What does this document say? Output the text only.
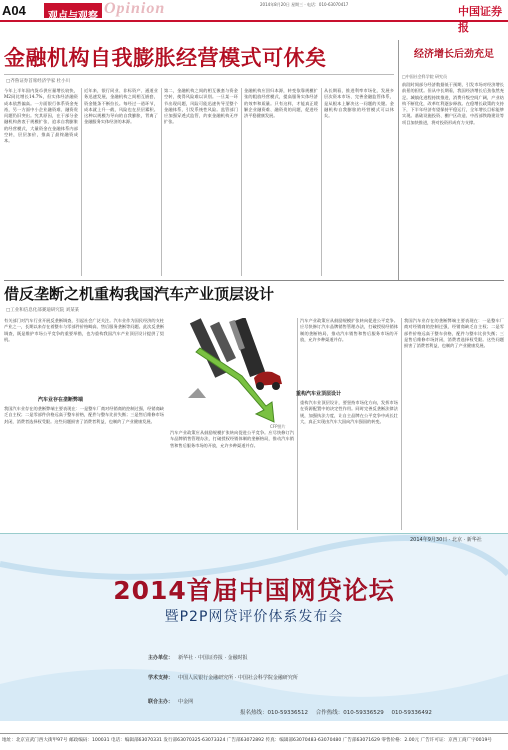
A04	观点与观察 Opinion	2014年8月20日 星期三 · 电话：010-63070417
中国证券报
金融机构自我膨胀经营模式可休矣
□齐鲁证券首席经济学家 杜小川
今年上半年国内货币供应量增长较快，M2同比增长14.7%，但实体经济融资成本依然偏高。一方面银行体系资金充裕，另一方面中小企业融资难、融资贵问题仍旧突出。究其原因，在于部分金融机构热衷于规模扩张、追求自我膨胀的经营模式，大量资金在金融体系内部空转，层层加价，推高了最终融资成本。
近年来，银行同业、非标资产、通道业务迅速发展，金融机构之间相互嵌套，资金链条不断拉长。每经过一道环节，成本就上升一截，风险也在层层累积。这种以规模为导向的自我膨胀，背离了金融服务实体经济的本源。
第二，金融机构之间的相互嵌套与资金空转，使得风险难以识别。一旦某一环节出现问题，风险可能迅速传导至整个金融体系，引发系统性风险。监管部门应加强穿透式监管，约束金融机构无序扩张。
金融机构应回归本源，转变依靠规模扩张的粗放经营模式，提高服务实体经济的效率和质量。只有这样，才能真正缓解企业融资难、融资贵的问题，促进经济平稳健康发展。
从长期看，推进利率市场化、发展多层次资本市场、完善金融监管体系，是从根本上解决这一问题的关键。金融机构自我膨胀的经营模式可以休矣。
经济增长后劲充足
□中国社会科学院 研究员
前段时间部分经济数据低于预期，引发市场对经济增长前景的担忧。但从中长期看，我国经济增长后劲依然充足。城镇化进程持续推进，消费升级空间广阔，产业结构不断优化，改革红利逐步释放。在稳增长政策的支持下，下半年经济有望保持平稳运行，全年增长目标能够实现。基础设施投资、棚户区改造、中西部铁路建设等项目加快推进，将对投资形成有力支撑。
借反垄断之机重构我国汽车产业顶层设计
□工业和信息化部赛迪研究院 刘某某
有关部门对汽车行业开展反垄断调查，引起社会广泛关注。汽车业作为国民经济的支柱产业之一，长期以来存在着整车与零部件价格畸高、售后服务垄断等问题。此次反垄断调查，既是维护市场公平竞争的重要举措，也为重构我国汽车产业顶层设计提供了契机。
汽车业存在垄断弊端
我国汽车业存在的垄断弊端主要表现在：一是整车厂商对经销商的控制过强，经销商缺乏自主权；二是零部件价格远高于整车价格，配件与整车比价失衡；三是售后维修市场封闭，消费者选择权受限。这些问题损害了消费者利益，也制约了产业健康发展。
CFP图片
汽车产业政策应从鼓励规模扩张转向促进公平竞争。应尽快修订汽车品牌销售管理办法，打破授权经销体制的垄断格局，推动汽车销售和售后服务市场的开放，允许多种渠道并存。
重构汽车业顶层设计
汽车产业政策应从鼓励规模扩张转向促进公平竞争。应尽快修订汽车品牌销售管理办法，打破授权经销体制的垄断格局，推动汽车销售和售后服务市场的开放，允许多种渠道并存。
重构汽车业顶层设计，要坚持市场化方向，发挥市场在资源配置中的决定性作用。同时完善反垄断法律法规，加强执法力度，让自主品牌在公平竞争中成长壮大，真正实现由汽车大国向汽车强国的转变。
我国汽车业存在的垄断弊端主要表现在：一是整车厂商对经销商的控制过强，经销商缺乏自主权；二是零部件价格远高于整车价格，配件与整车比价失衡；三是售后维修市场封闭，消费者选择权受限。这些问题损害了消费者利益，也制约了产业健康发展。
2014年9月30日 · 北京 · 新华社
2014首届中国网贷论坛
暨P2P网贷评价体系发布会
主办单位： 新华社 · 中国证券报 · 金融时报
学术支持： 中国人民银行金融研究所 · 中国社会科学院金融研究所
联合主办： 中金网
报名热线：010-59336512 合作热线：010-59336529 010-59336492
地址：北京宣武门西大街甲97号 邮政编码：100031 电话：编辑部63070331 发行部63070325·63073324 广告部63072892 传真：编辑部63070483·63070480 广告部63071629 零售价格：2.00元 广告许可证：京西工商广字0019号
